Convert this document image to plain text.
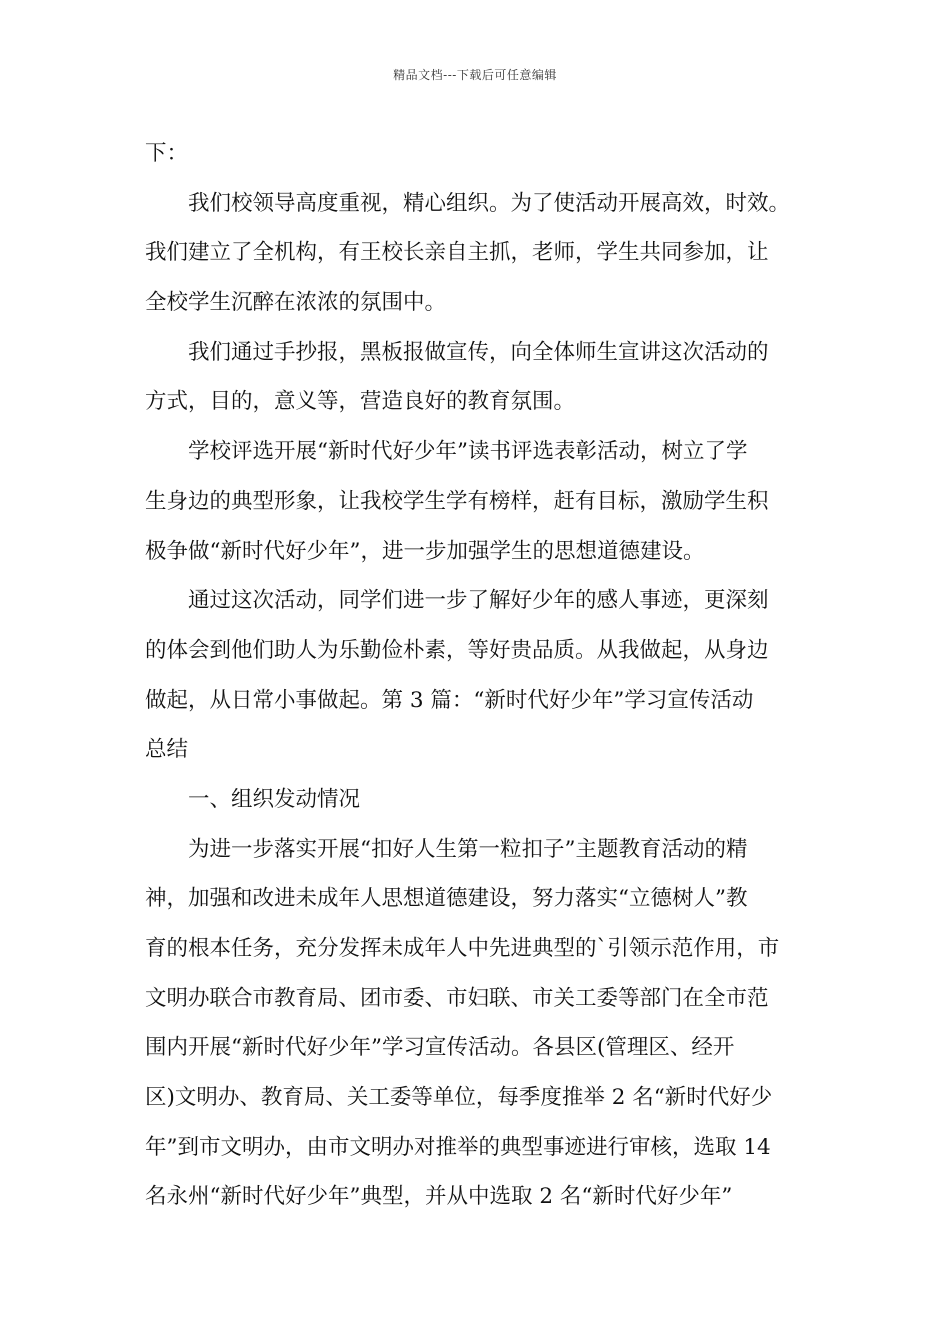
精品文档---下载后可任意编辑
下：
我们校领导高度重视，精心组织。为了使活动开展高效，时效。
我们建立了全机构，有王校长亲自主抓，老师，学生共同参加，让
全校学生沉醉在浓浓的氛围中。
我们通过手抄报，黑板报做宣传，向全体师生宣讲这次活动的
方式，目的，意义等，营造良好的教育氛围。
学校评选开展“新时代好少年”读书评选表彰活动，树立了学
生身边的典型形象，让我校学生学有榜样，赶有目标，激励学生积
极争做“新时代好少年”，进一步加强学生的思想道德建设。
通过这次活动，同学们进一步了解好少年的感人事迹，更深刻
的体会到他们助人为乐勤俭朴素，等好贵品质。从我做起，从身边
做起，从日常小事做起。第 3 篇：“新时代好少年”学习宣传活动
总结
一、组织发动情况
为进一步落实开展“扣好人生第一粒扣子”主题教育活动的精
神，加强和改进未成年人思想道德建设，努力落实“立德树人”教
育的根本任务，充分发挥未成年人中先进典型的`引领示范作用，市
文明办联合市教育局、团市委、市妇联、市关工委等部门在全市范
围内开展“新时代好少年”学习宣传活动。各县区(管理区、经开
区)文明办、教育局、关工委等单位，每季度推举 2 名“新时代好少
年”到市文明办，由市文明办对推举的典型事迹进行审核，选取 14
名永州“新时代好少年”典型，并从中选取 2 名“新时代好少年”
